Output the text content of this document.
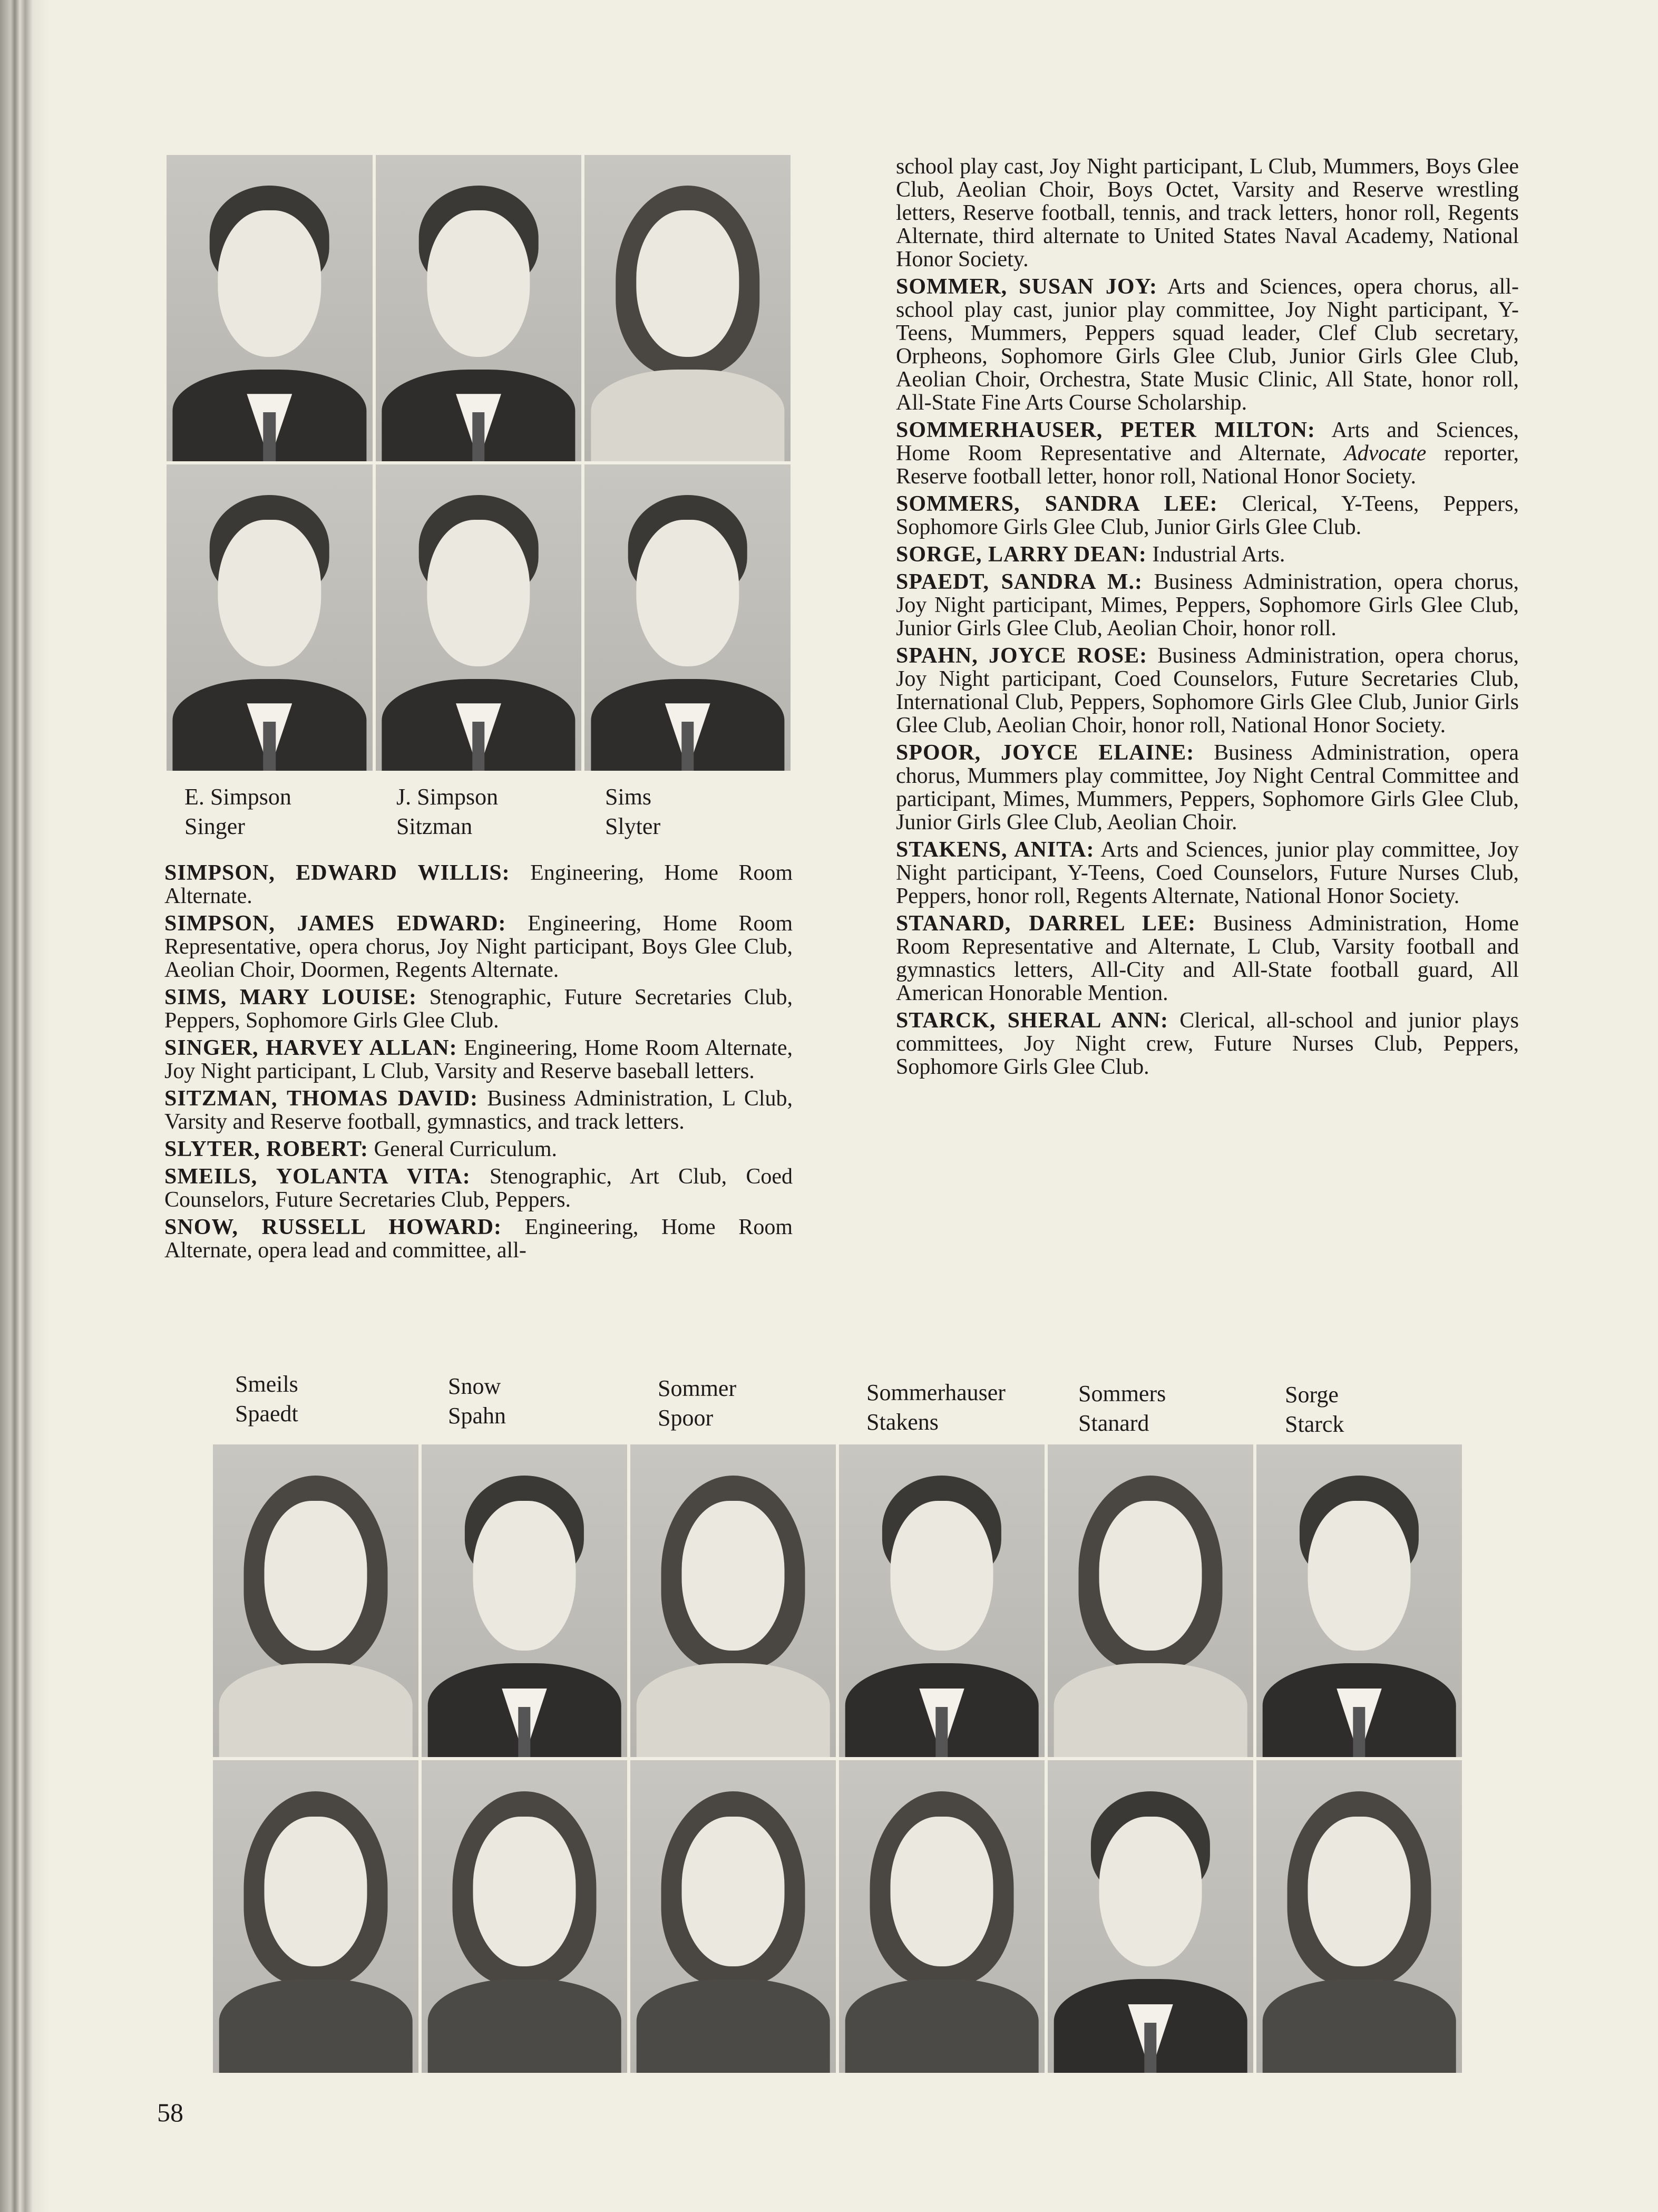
E. Simpson
Singer
J. Simpson
Sitzman
Sims
Slyter
SIMPSON, EDWARD WILLIS: Engineering, Home Room Alternate.
SIMPSON, JAMES EDWARD: Engineering, Home Room Representative, opera chorus, Joy Night participant, Boys Glee Club, Aeolian Choir, Doormen, Regents Alternate.
SIMS, MARY LOUISE: Stenographic, Future Secretaries Club, Peppers, Sophomore Girls Glee Club.
SINGER, HARVEY ALLAN: Engineering, Home Room Alternate, Joy Night participant, L Club, Varsity and Reserve baseball letters.
SITZMAN, THOMAS DAVID: Business Administration, L Club, Varsity and Reserve football, gymnastics, and track letters.
SLYTER, ROBERT: General Curriculum.
SMEILS, YOLANTA VITA: Stenographic, Art Club, Coed Counselors, Future Secretaries Club, Peppers.
SNOW, RUSSELL HOWARD: Engineering, Home Room Alternate, opera lead and committee, all-
school play cast, Joy Night participant, L Club, Mummers, Boys Glee Club, Aeolian Choir, Boys Octet, Varsity and Reserve wrestling letters, Reserve football, tennis, and track letters, honor roll, Regents Alternate, third alternate to United States Naval Academy, National Honor Society.
SOMMER, SUSAN JOY: Arts and Sciences, opera chorus, all-school play cast, junior play committee, Joy Night participant, Y-Teens, Mummers, Peppers squad leader, Clef Club secretary, Orpheons, Sophomore Girls Glee Club, Junior Girls Glee Club, Aeolian Choir, Orchestra, State Music Clinic, All State, honor roll, All-State Fine Arts Course Scholarship.
SOMMERHAUSER, PETER MILTON: Arts and Sciences, Home Room Representative and Alternate, Advocate reporter, Reserve football letter, honor roll, National Honor Society.
SOMMERS, SANDRA LEE: Clerical, Y-Teens, Peppers, Sophomore Girls Glee Club, Junior Girls Glee Club.
SORGE, LARRY DEAN: Industrial Arts.
SPAEDT, SANDRA M.: Business Administration, opera chorus, Joy Night participant, Mimes, Peppers, Sophomore Girls Glee Club, Junior Girls Glee Club, Aeolian Choir, honor roll.
SPAHN, JOYCE ROSE: Business Administration, opera chorus, Joy Night participant, Coed Counselors, Future Secretaries Club, International Club, Peppers, Sophomore Girls Glee Club, Junior Girls Glee Club, Aeolian Choir, honor roll, National Honor Society.
SPOOR, JOYCE ELAINE: Business Administration, opera chorus, Mummers play committee, Joy Night Central Committee and participant, Mimes, Mummers, Peppers, Sophomore Girls Glee Club, Junior Girls Glee Club, Aeolian Choir.
STAKENS, ANITA: Arts and Sciences, junior play committee, Joy Night participant, Y-Teens, Coed Counselors, Future Nurses Club, Peppers, honor roll, Regents Alternate, National Honor Society.
STANARD, DARREL LEE: Business Administration, Home Room Representative and Alternate, L Club, Varsity football and gymnastics letters, All-City and All-State football guard, All American Honorable Mention.
STARCK, SHERAL ANN: Clerical, all-school and junior plays committees, Joy Night crew, Future Nurses Club, Peppers, Sophomore Girls Glee Club.
Smeils
Spaedt
Snow
Spahn
Sommer
Spoor
Sommerhauser
Stakens
Sommers
Stanard
Sorge
Starck
58
